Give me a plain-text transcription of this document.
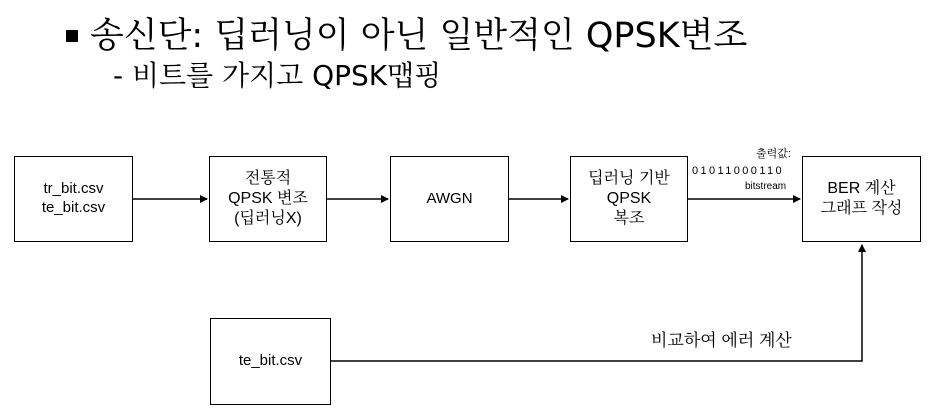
송신단: 딥러닝이 아닌 일반적인 QPSK변조
- 비트를 가지고 QPSK맵핑
tr_bit.csv
te_bit.csv
전통적
QPSK 변조
(딥러닝X)
AWGN
딥러닝 기반
QPSK
복조
BER 계산
그래프 작성
te_bit.csv
출력값:
01011000110
bitstream
비교하여 에러 계산
